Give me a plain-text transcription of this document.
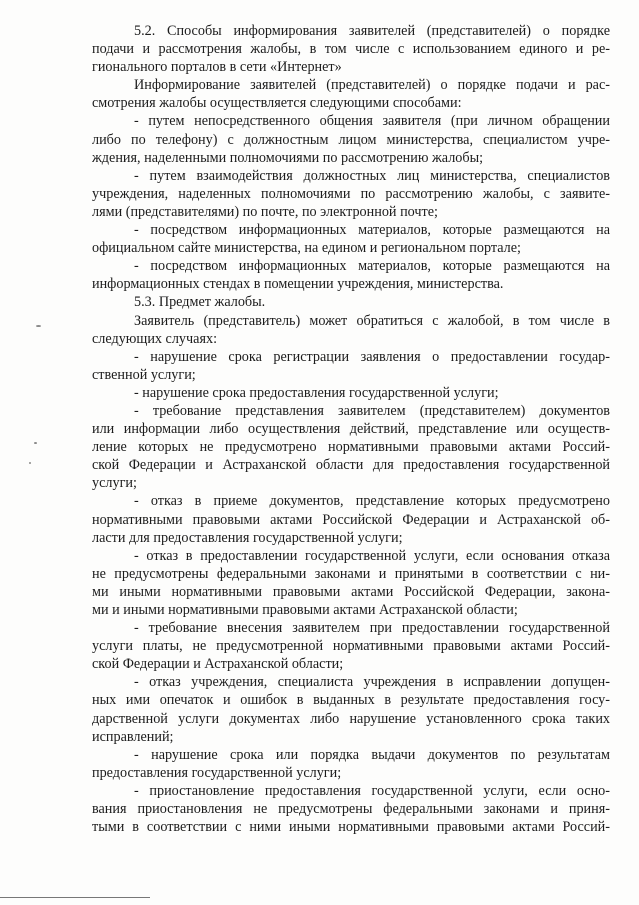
5.2. Способы информирования заявителей (представителей) о порядке
подачи и рассмотрения жалобы, в том числе с использованием единого и ре-
гионального порталов в сети «Интернет»
Информирование заявителей (представителей) о порядке подачи и рас-
смотрения жалобы осуществляется следующими способами:
- путем непосредственного общения заявителя (при личном обращении
либо по телефону) с должностным лицом министерства, специалистом учре-
ждения, наделенными полномочиями по рассмотрению жалобы;
- путем взаимодействия должностных лиц министерства, специалистов
учреждения, наделенных полномочиями по рассмотрению жалобы, с заявите-
лями (представителями) по почте, по электронной почте;
- посредством информационных материалов, которые размещаются на
официальном сайте министерства, на едином и региональном портале;
- посредством информационных материалов, которые размещаются на
информационных стендах в помещении учреждения, министерства.
5.3. Предмет жалобы.
Заявитель (представитель) может обратиться с жалобой, в том числе в
следующих случаях:
- нарушение срока регистрации заявления о предоставлении государ-
ственной услуги;
- нарушение срока предоставления государственной услуги;
- требование представления заявителем (представителем) документов
или информации либо осуществления действий, представление или осуществ-
ление которых не предусмотрено нормативными правовыми актами Россий-
ской Федерации и Астраханской области для предоставления государственной
услуги;
- отказ в приеме документов, представление которых предусмотрено
нормативными правовыми актами Российской Федерации и Астраханской об-
ласти для предоставления государственной услуги;
- отказ в предоставлении государственной услуги, если основания отказа
не предусмотрены федеральными законами и принятыми в соответствии с ни-
ми иными нормативными правовыми актами Российской Федерации, закона-
ми и иными нормативными правовыми актами Астраханской области;
- требование внесения заявителем при предоставлении государственной
услуги платы, не предусмотренной нормативными правовыми актами Россий-
ской Федерации и Астраханской области;
- отказ учреждения, специалиста учреждения в исправлении допущен-
ных ими опечаток и ошибок в выданных в результате предоставления госу-
дарственной услуги документах либо нарушение установленного срока таких
исправлений;
- нарушение срока или порядка выдачи документов по результатам
предоставления государственной услуги;
- приостановление предоставления государственной услуги, если осно-
вания приостановления не предусмотрены федеральными законами и приня-
тыми в соответствии с ними иными нормативными правовыми актами Россий-
